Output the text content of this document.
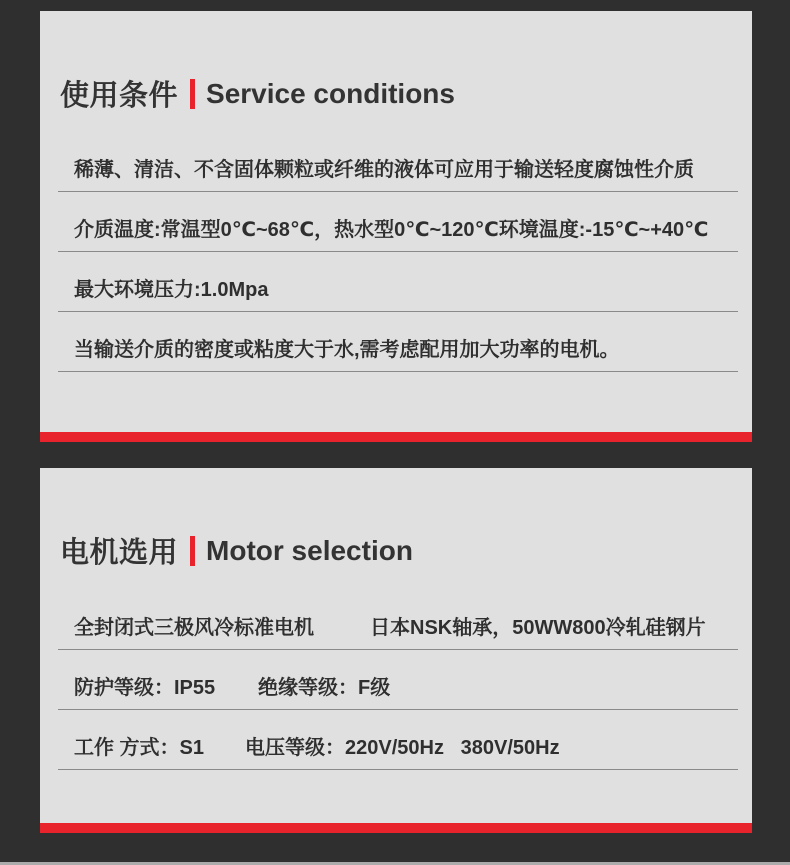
使用条件 Service conditions
稀薄、清洁、不含固体颗粒或纤维的液体可应用于输送轻度腐蚀性介质
介质温度:常温型0℃~68℃，热水型0℃~120℃环境温度:-15℃~+40℃
最大环境压力:1.0Mpa
当输送介质的密度或粘度大于水,需考虑配用加大功率的电机。
电机选用 Motor selection
全封闭式三极风冷标准电机	日本NSK轴承，50WW800冷轧硅钢片
防护等级：IP55 绝缘等级：F级
工作 方式：S1 电压等级：220V/50Hz   380V/50Hz
